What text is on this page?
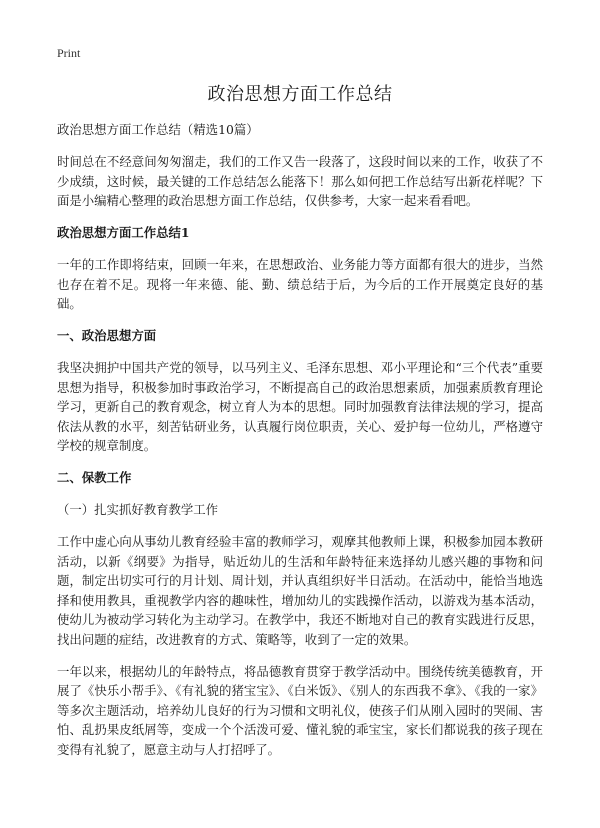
Print
政治思想方面工作总结

政治思想方面工作总结（精选10篇）

时间总在不经意间匆匆溜走，我们的工作又告一段落了，这段时间以来的工作，收获了不少成绩，这时候，最关键的工作总结怎么能落下！那么如何把工作总结写出新花样呢？下面是小编精心整理的政治思想方面工作总结，仅供参考，大家一起来看看吧。

政治思想方面工作总结1

一年的工作即将结束，回顾一年来，在思想政治、业务能力等方面都有很大的进步，当然也存在着不足。现将一年来德、能、勤、绩总结于后，为今后的工作开展奠定良好的基础。

一、政治思想方面

我坚决拥护中国共产党的领导，以马列主义、毛泽东思想、邓小平理论和“三个代表”重要思想为指导，积极参加时事政治学习，不断提高自己的政治思想素质，加强素质教育理论学习，更新自己的教育观念，树立育人为本的思想。同时加强教育法律法规的学习，提高依法从教的水平，刻苦钻研业务，认真履行岗位职责，关心、爱护每一位幼儿，严格遵守学校的规章制度。

二、保教工作

（一）扎实抓好教育教学工作

工作中虚心向从事幼儿教育经验丰富的教师学习，观摩其他教师上课，积极参加园本教研活动，以新《纲要》为指导，贴近幼儿的生活和年龄特征来选择幼儿感兴趣的事物和问题，制定出切实可行的月计划、周计划，并认真组织好半日活动。在活动中，能恰当地选择和使用教具，重视教学内容的趣味性，增加幼儿的实践操作活动，以游戏为基本活动，使幼儿为被动学习转化为主动学习。在教学中，我还不断地对自己的教育实践进行反思，找出问题的症结，改进教育的方式、策略等，收到了一定的效果。

一年以来，根据幼儿的年龄特点，将品德教育贯穿于教学活动中。围绕传统美德教育，开展了《快乐小帮手》、《有礼貌的猪宝宝》、《白米饭》、《别人的东西我不拿》、《我的一家》等多次主题活动，培养幼儿良好的行为习惯和文明礼仪，使孩子们从刚入园时的哭闹、害怕、乱扔果皮纸屑等，变成一个个活泼可爱、懂礼貌的乖宝宝，家长们都说我的孩子现在变得有礼貌了，愿意主动与人打招呼了。
